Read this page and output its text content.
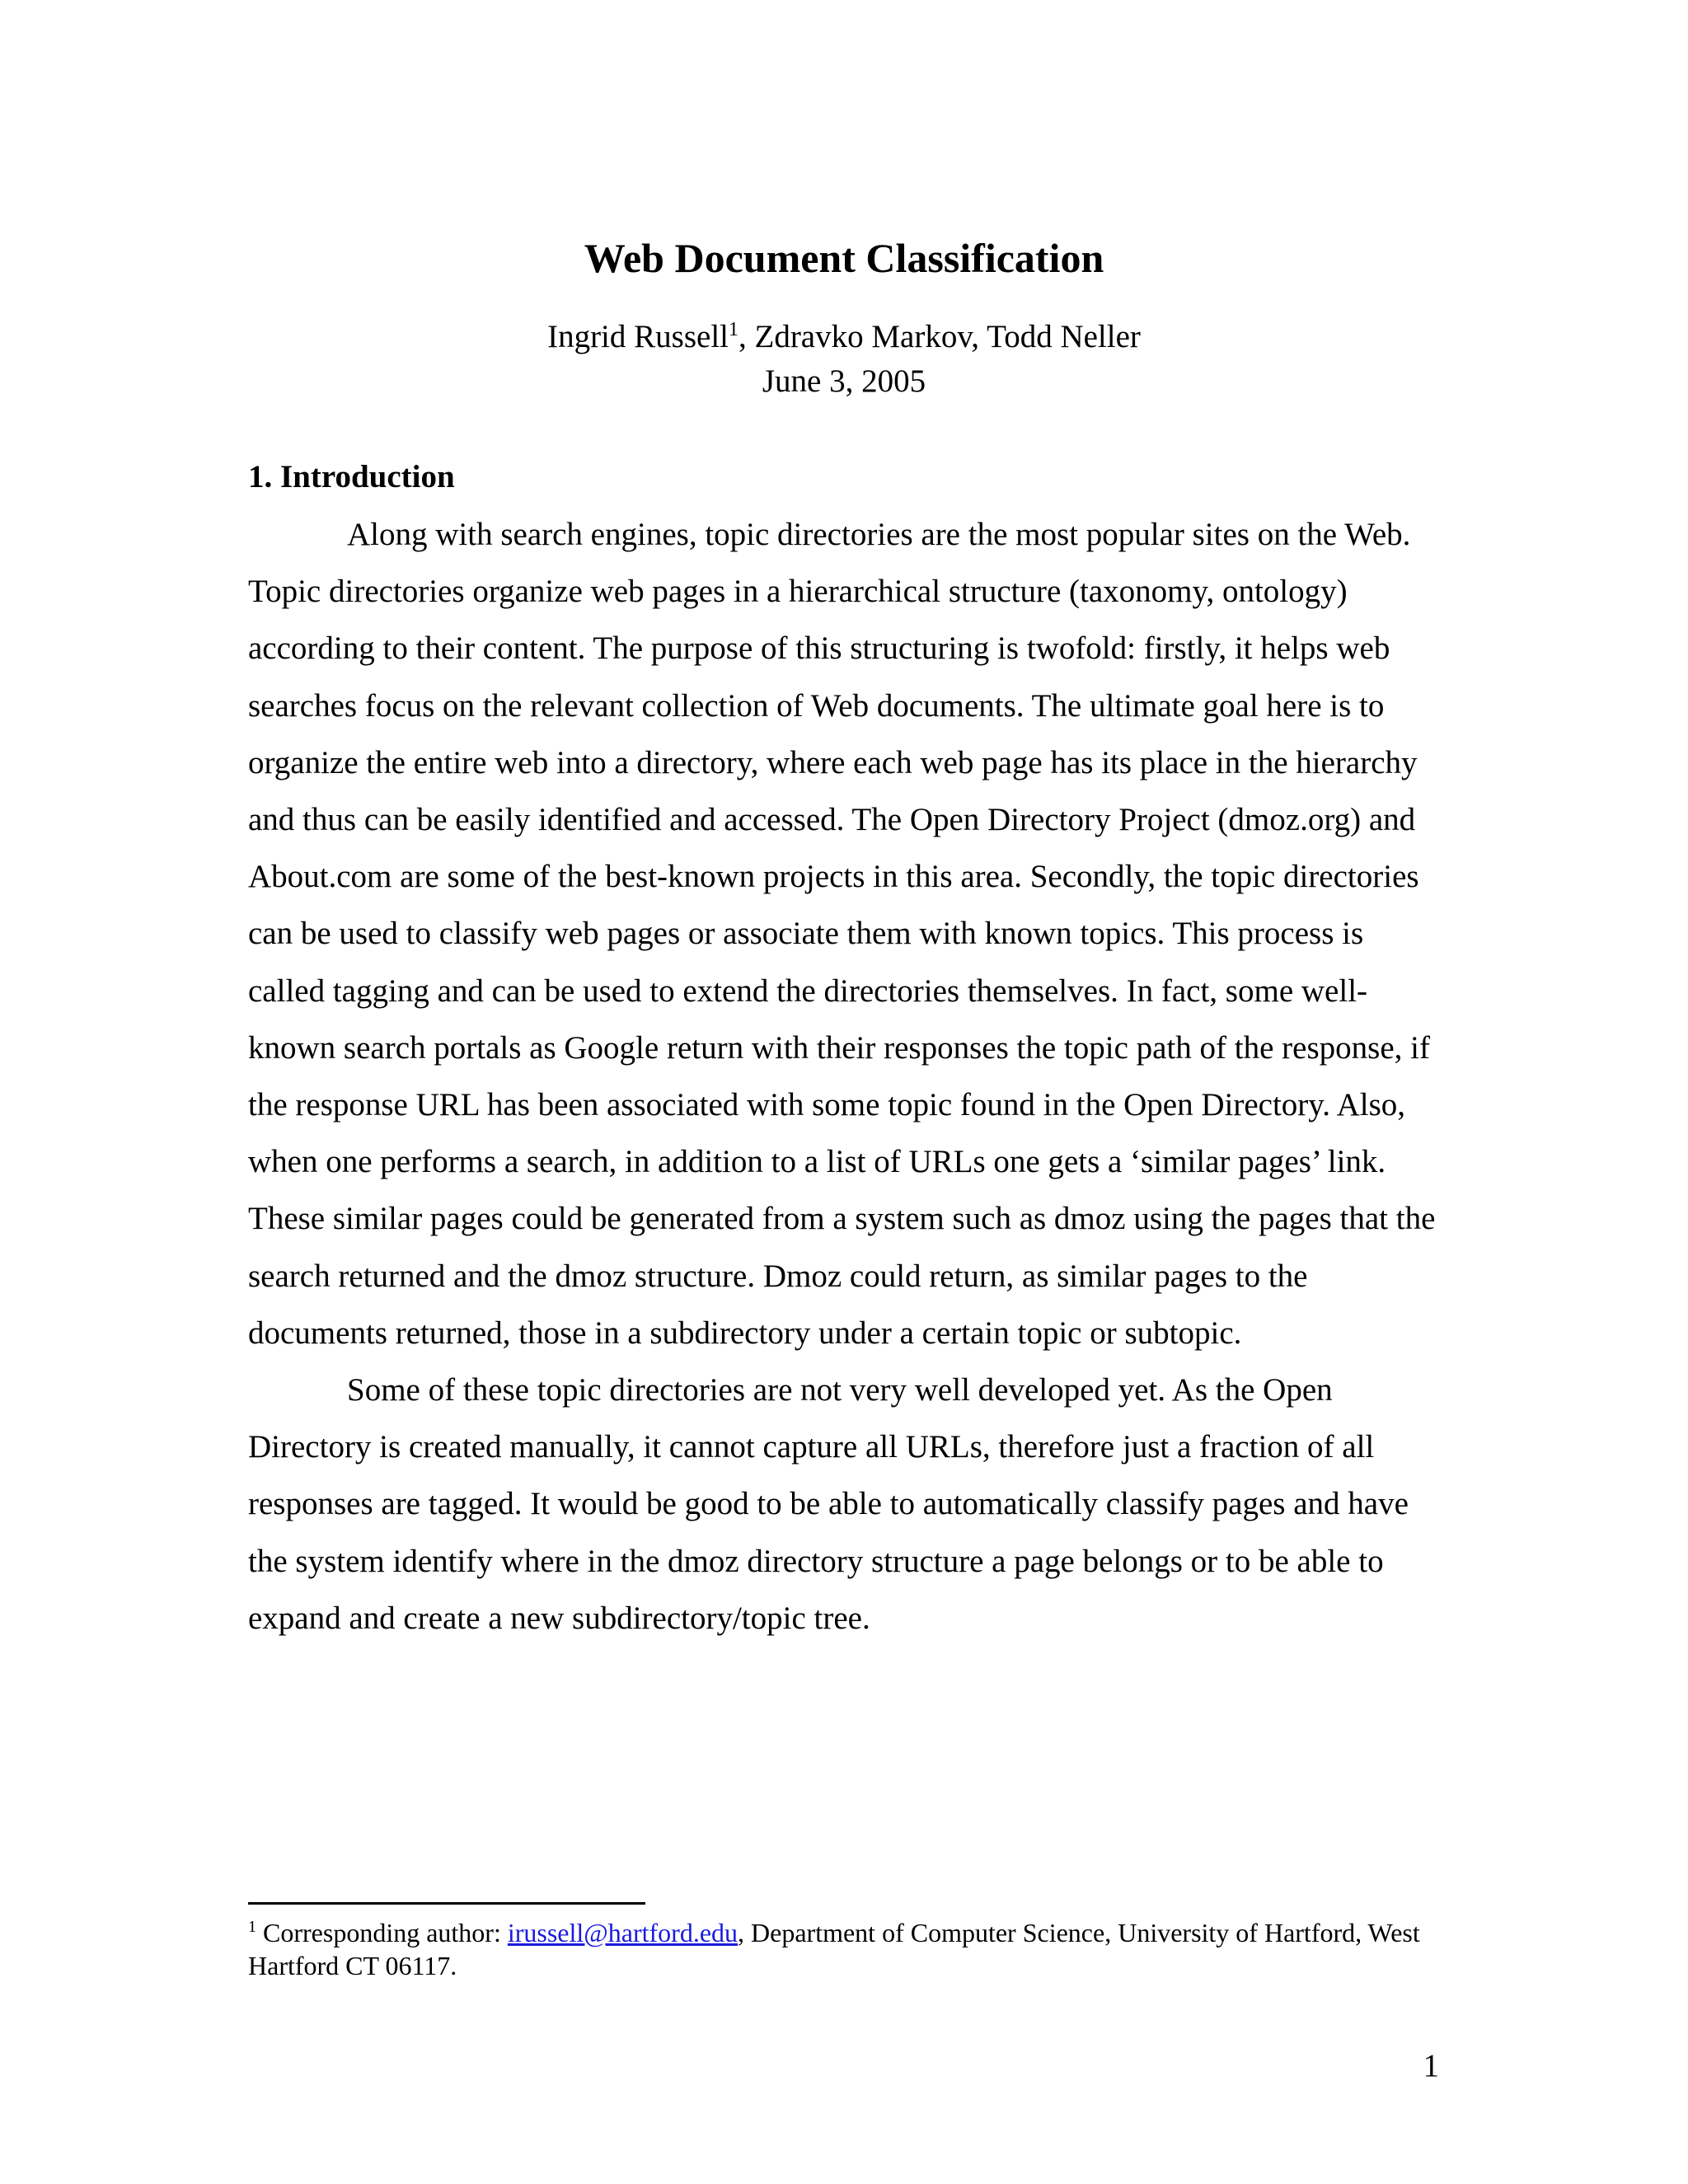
Web Document Classification
Ingrid Russell$^1$, Zdravko Markov, Todd Neller
June 3, 2005
1. Introduction

Along with search engines, topic directories are the most popular sites on the Web. Topic directories organize web pages in a hierarchical structure (taxonomy, ontology) according to their content. The purpose of this structuring is twofold: firstly, it helps web searches focus on the relevant collection of Web documents. The ultimate goal here is to organize the entire web into a directory, where each web page has its place in the hierarchy and thus can be easily identified and accessed. The Open Directory Project (dmoz.org) and About.com are some of the best-known projects in this area. Secondly, the topic directories can be used to classify web pages or associate them with known topics. This process is called tagging and can be used to extend the directories themselves. In fact, some well-known search portals as Google return with their responses the topic path of the response, if the response URL has been associated with some topic found in the Open Directory. Also, when one performs a search, in addition to a list of URLs one gets a ‘similar pages’ link. These similar pages could be generated from a system such as dmoz using the pages that the search returned and the dmoz structure. Dmoz could return, as similar pages to the documents returned, those in a subdirectory under a certain topic or subtopic.

Some of these topic directories are not very well developed yet. As the Open Directory is created manually, it cannot capture all URLs, therefore just a fraction of all responses are tagged. It would be good to be able to automatically classify pages and have the system identify where in the dmoz directory structure a page belongs or to be able to expand and create a new subdirectory/topic tree.

$^1$ Corresponding author: irussell@hartford.edu, Department of Computer Science, University of Hartford, West Hartford CT 06117.
1
